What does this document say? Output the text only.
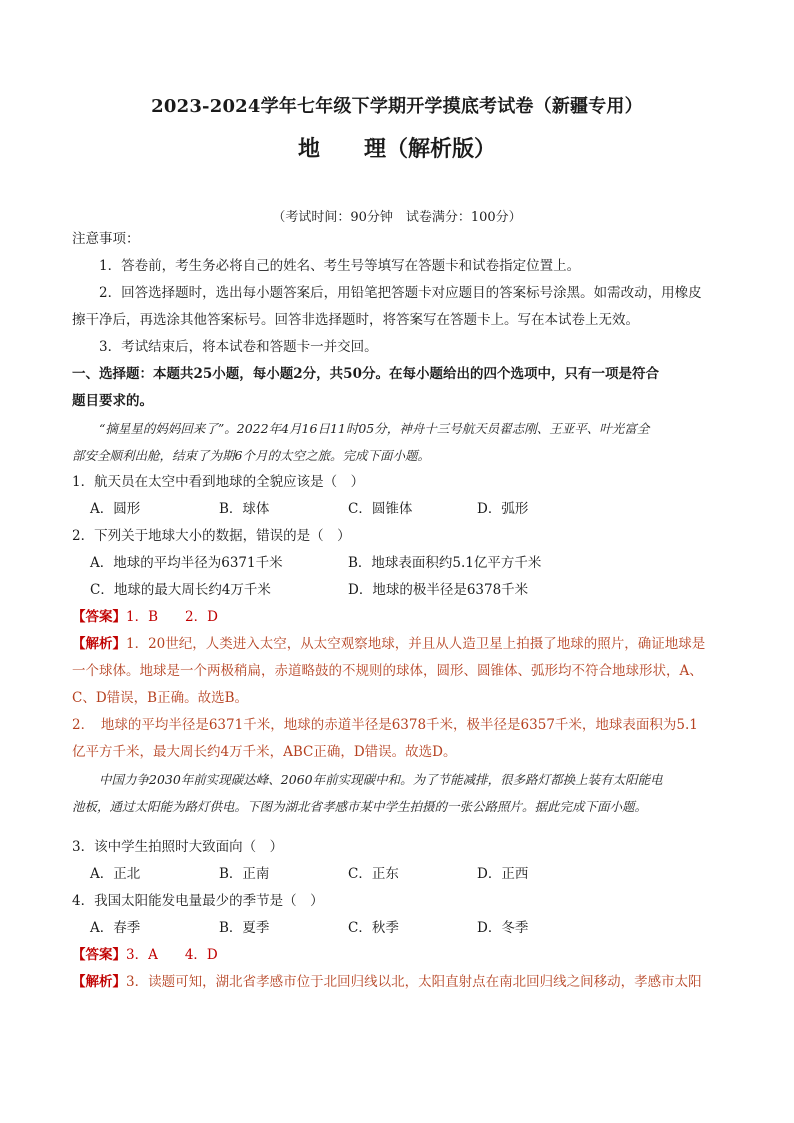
2023-2024学年七年级下学期开学摸底考试卷（新疆专用）
地 理（解析版）
（考试时间：90分钟　试卷满分：100分）
注意事项：
1．答卷前，考生务必将自己的姓名、考生号等填写在答题卡和试卷指定位置上。
2．回答选择题时，选出每小题答案后，用铅笔把答题卡对应题目的答案标号涂黑。如需改动，用橡皮
擦干净后，再选涂其他答案标号。回答非选择题时，将答案写在答题卡上。写在本试卷上无效。
3．考试结束后，将本试卷和答题卡一并交回。
一、选择题：本题共25小题，每小题2分，共50分。在每小题给出的四个选项中，只有一项是符合
题目要求的。
“摘星星的妈妈回来了”。2022年4月16日11时05分，神舟十三号航天员翟志刚、王亚平、叶光富全
部安全顺利出舱，结束了为期6个月的太空之旅。完成下面小题。
1．航天员在太空中看到地球的全貌应该是（　）
A．圆形	B．球体	C．圆锥体	D．弧形
2．下列关于地球大小的数据，错误的是（　）
A．地球的平均半径为6371千米	B．地球表面积约5.1亿平方千米
C．地球的最大周长约4万千米	D．地球的极半径是6378千米
【答案】1．B　　2．D
【解析】1．20世纪，人类进入太空，从太空观察地球，并且从人造卫星上拍摄了地球的照片，确证地球是
一个球体。地球是一个两极稍扁，赤道略鼓的不规则的球体，圆形、圆锥体、弧形均不符合地球形状，A、
C、D错误，B正确。故选B。
2．　地球的平均半径是6371千米，地球的赤道半径是6378千米，极半径是6357千米，地球表面积为5.1
亿平方千米，最大周长约4万千米，ABC正确，D错误。故选D。
中国力争2030年前实现碳达峰、2060年前实现碳中和。为了节能减排，很多路灯都换上装有太阳能电
池板，通过太阳能为路灯供电。下图为湖北省孝感市某中学生拍摄的一张公路照片。据此完成下面小题。
3．该中学生拍照时大致面向（　）
A．正北	B．正南	C．正东	D．正西
4．我国太阳能发电量最少的季节是（　）
A．春季	B．夏季	C．秋季	D．冬季
【答案】3．A　　4．D
【解析】3．读题可知，湖北省孝感市位于北回归线以北，太阳直射点在南北回归线之间移动，孝感市太阳
